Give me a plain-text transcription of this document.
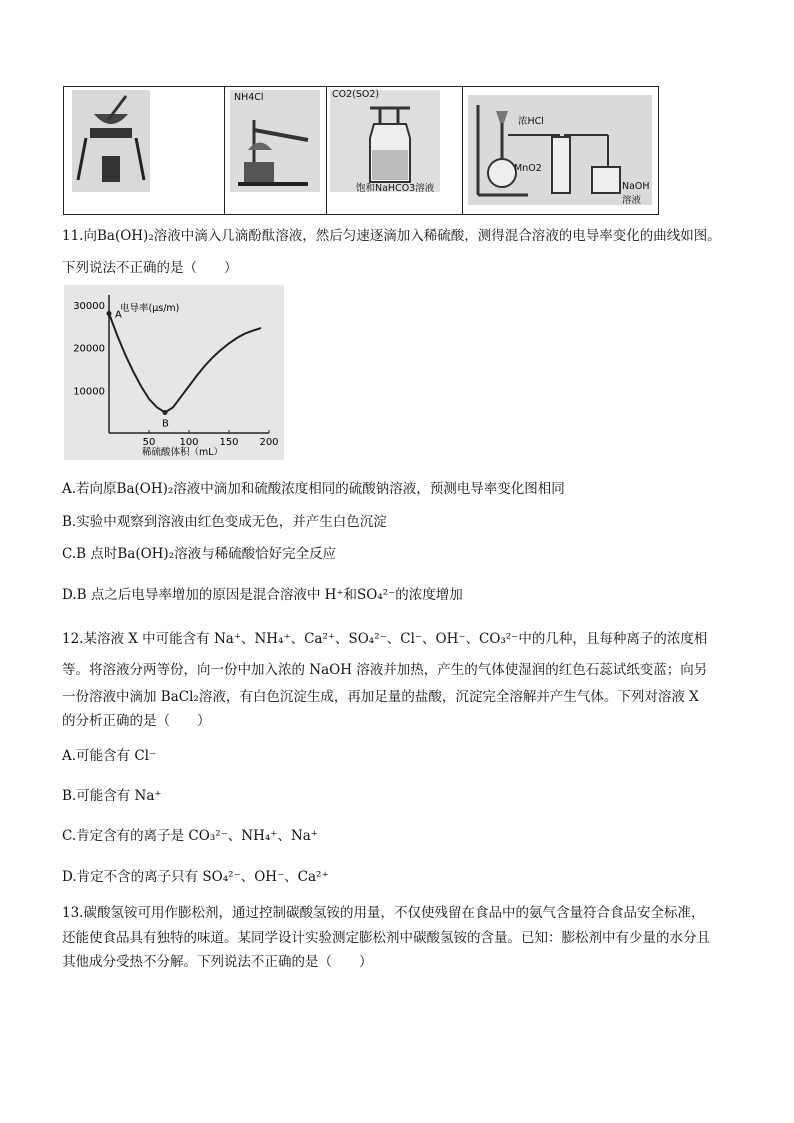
NH4Cl	CO2(SO2)
饱和NaHCO3溶液
浓HCl
MnO2
NaOH
溶液
11.向Ba(OH)₂溶液中滴入几滴酚酞溶液，然后匀速逐滴加入稀硫酸，测得混合溶液的电导率变化的曲线如图。
下列说法不正确的是（　　）
50 100 150 200
10000
20000
30000
A
B
电导率(μs/m)
稀硫酸体积（mL）
A.若向原Ba(OH)₂溶液中滴加和硫酸浓度相同的硫酸钠溶液，预测电导率变化图相同
B.实验中观察到溶液由红色变成无色，并产生白色沉淀
C.B 点时Ba(OH)₂溶液与稀硫酸恰好完全反应
D.B 点之后电导率增加的原因是混合溶液中 H⁺和SO₄²⁻的浓度增加
12.某溶液 X 中可能含有 Na⁺、NH₄⁺、Ca²⁺、SO₄²⁻、Cl⁻、OH⁻、CO₃²⁻中的几种，且每种离子的浓度相
等。将溶液分两等份，向一份中加入浓的 NaOH 溶液并加热，产生的气体使湿润的红色石蕊试纸变蓝；向另
一份溶液中滴加 BaCl₂溶液，有白色沉淀生成，再加足量的盐酸，沉淀完全溶解并产生气体。下列对溶液 X
的分析正确的是（　　）
A.可能含有 Cl⁻
B.可能含有 Na⁺
C.肯定含有的离子是 CO₃²⁻、NH₄⁺、Na⁺
D.肯定不含的离子只有 SO₄²⁻、OH⁻、Ca²⁺
13.碳酸氢铵可用作膨松剂，通过控制碳酸氢铵的用量，不仅使残留在食品中的氨气含量符合食品安全标准，
还能使食品具有独特的味道。某同学设计实验测定膨松剂中碳酸氢铵的含量。已知：膨松剂中有少量的水分且
其他成分受热不分解。下列说法不正确的是（　　）
